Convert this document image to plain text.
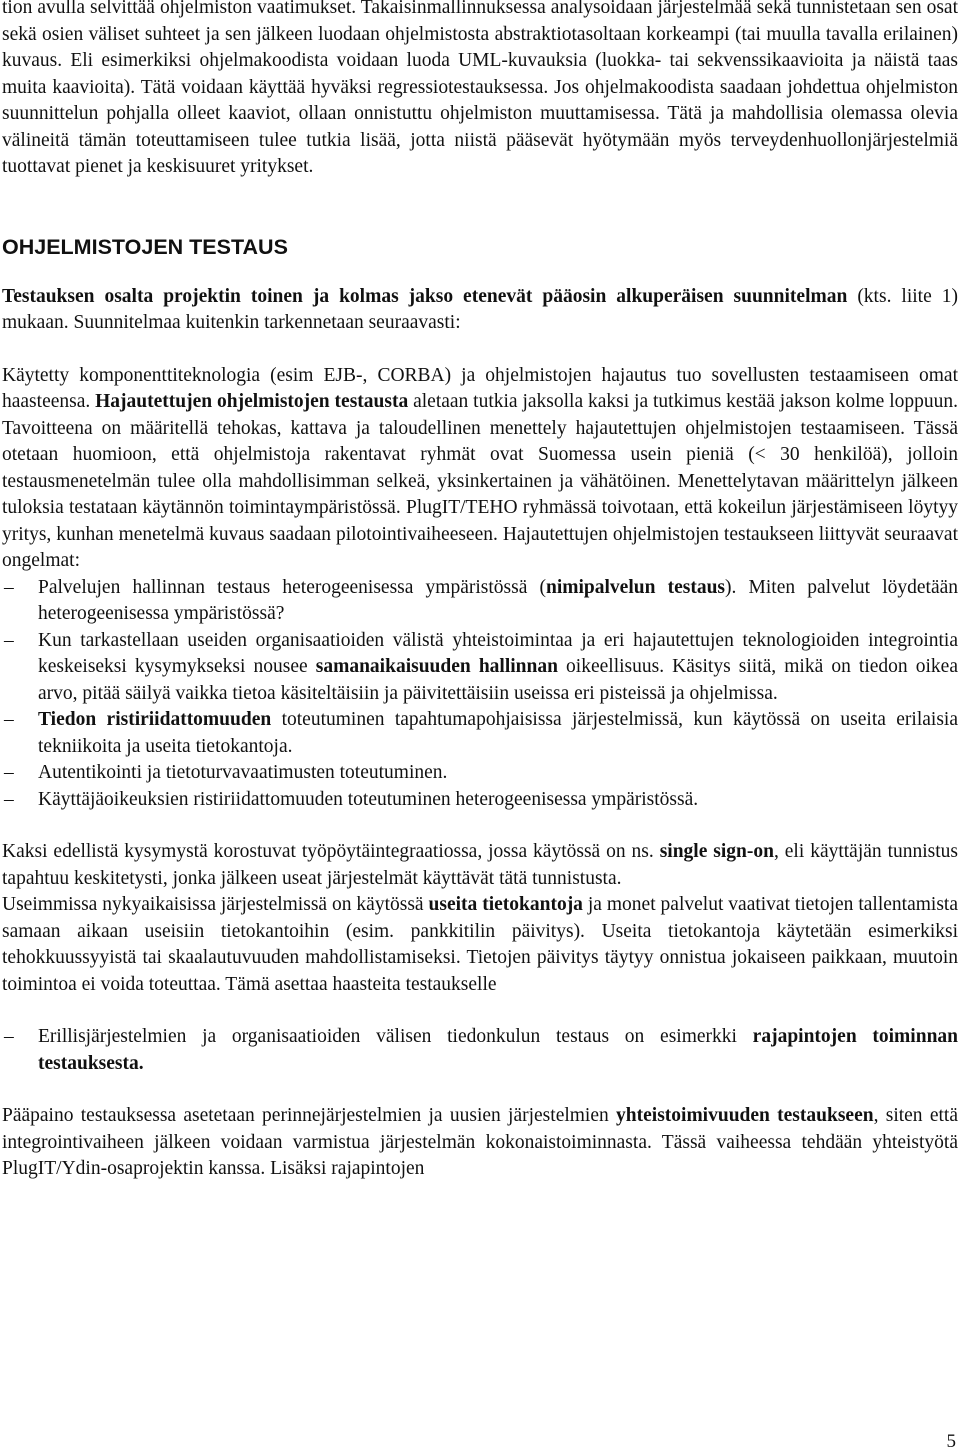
tion avulla selvittää ohjelmiston vaatimukset. Takaisinmallinnuksessa analysoidaan järjestelmää sekä tunnistetaan sen osat sekä osien väliset suhteet ja sen jälkeen luodaan ohjelmistosta abstraktiotasoltaan korkeampi (tai muulla tavalla erilainen) kuvaus. Eli esimerkiksi ohjelmakoodista voidaan luoda UML-kuvauksia (luokka- tai sekvenssikaavioita ja näistä taas muita kaavioita). Tätä voidaan käyttää hyväksi regressiotestauksessa. Jos ohjelmakoodista saadaan johdettua ohjelmiston suunnittelun pohjalla olleet kaaviot, ollaan onnistuttu ohjelmiston muuttamisessa. Tätä ja mahdollisia olemassa olevia välineitä tämän toteuttamiseen tulee tutkia lisää, jotta niistä pääsevät hyötymään myös terveydenhuollonjärjestelmiä tuottavat pienet ja keskisuuret yritykset.

OHJELMISTOJEN TESTAUS

Testauksen osalta projektin toinen ja kolmas jakso etenevät pääosin alkuperäisen suunnitelman (kts. liite 1) mukaan. Suunnitelmaa kuitenkin tarkennetaan seuraavasti:

Käytetty komponenttiteknologia (esim EJB-, CORBA) ja ohjelmistojen hajautus tuo sovellusten testaamiseen omat haasteensa. Hajautettujen ohjelmistojen testausta aletaan tutkia jaksolla kaksi ja tutkimus kestää jakson kolme loppuun. Tavoitteena on määritellä tehokas, kattava ja taloudellinen menettely hajautettujen ohjelmistojen testaamiseen. Tässä otetaan huomioon, että ohjelmistoja rakentavat ryhmät ovat Suomessa usein pieniä (< 30 henkilöä), jolloin testausmenetelmän tulee olla mahdollisimman selkeä, yksinkertainen ja vähätöinen. Menettelytavan määrittelyn jälkeen tuloksia testataan käytännön toimintaympäristössä. PlugIT/TEHO ryhmässä toivotaan, että kokeilun järjestämiseen löytyy yritys, kunhan menetelmä kuvaus saadaan pilotointivaiheeseen. Hajautettujen ohjelmistojen testaukseen liittyvät seuraavat ongelmat:

– Palvelujen hallinnan testaus heterogeenisessa ympäristössä (nimipalvelun testaus). Miten palvelut löydetään heterogeenisessa ympäristössä?
– Kun tarkastellaan useiden organisaatioiden välistä yhteistoimintaa ja eri hajautettujen teknologioiden integrointia keskeiseksi kysymykseksi nousee samanaikaisuuden hallinnan oikeellisuus. Käsitys siitä, mikä on tiedon oikea arvo, pitää säilyä vaikka tietoa käsiteltäisiin ja päivitettäisiin useissa eri pisteissä ja ohjelmissa.
– Tiedon ristiriidattomuuden toteutuminen tapahtumapohjaisissa järjestelmissä, kun käytössä on useita erilaisia tekniikoita ja useita tietokantoja.
– Autentikointi ja tietoturvavaatimusten toteutuminen.
– Käyttäjäoikeuksien ristiriidattomuuden toteutuminen heterogeenisessa ympäristössä.

Kaksi edellistä kysymystä korostuvat työpöytäintegraatiossa, jossa käytössä on ns. single sign-on, eli käyttäjän tunnistus tapahtuu keskitetysti, jonka jälkeen useat järjestelmät käyttävät tätä tunnistusta.

Useimmissa nykyaikaisissa järjestelmissä on käytössä useita tietokantoja ja monet palvelut vaativat tietojen tallentamista samaan aikaan useisiin tietokantoihin (esim. pankkitilin päivitys). Useita tietokantoja käytetään esimerkiksi tehokkuussyyistä tai skaalautuvuuden mahdollistamiseksi. Tietojen päivitys täytyy onnistua jokaiseen paikkaan, muutoin toimintoa ei voida toteuttaa. Tämä asettaa haasteita testaukselle

– Erillisjärjestelmien ja organisaatioiden välisen tiedonkulun testaus on esimerkki rajapintojen toiminnan testauksesta.

Pääpaino testauksessa asetetaan perinnejärjestelmien ja uusien järjestelmien yhteistoimivuuden testaukseen, siten että integrointivaiheen jälkeen voidaan varmistua järjestelmän kokonaistoiminnasta. Tässä vaiheessa tehdään yhteistyötä PlugIT/Ydin-osaprojektin kanssa. Lisäksi rajapintojen

5
